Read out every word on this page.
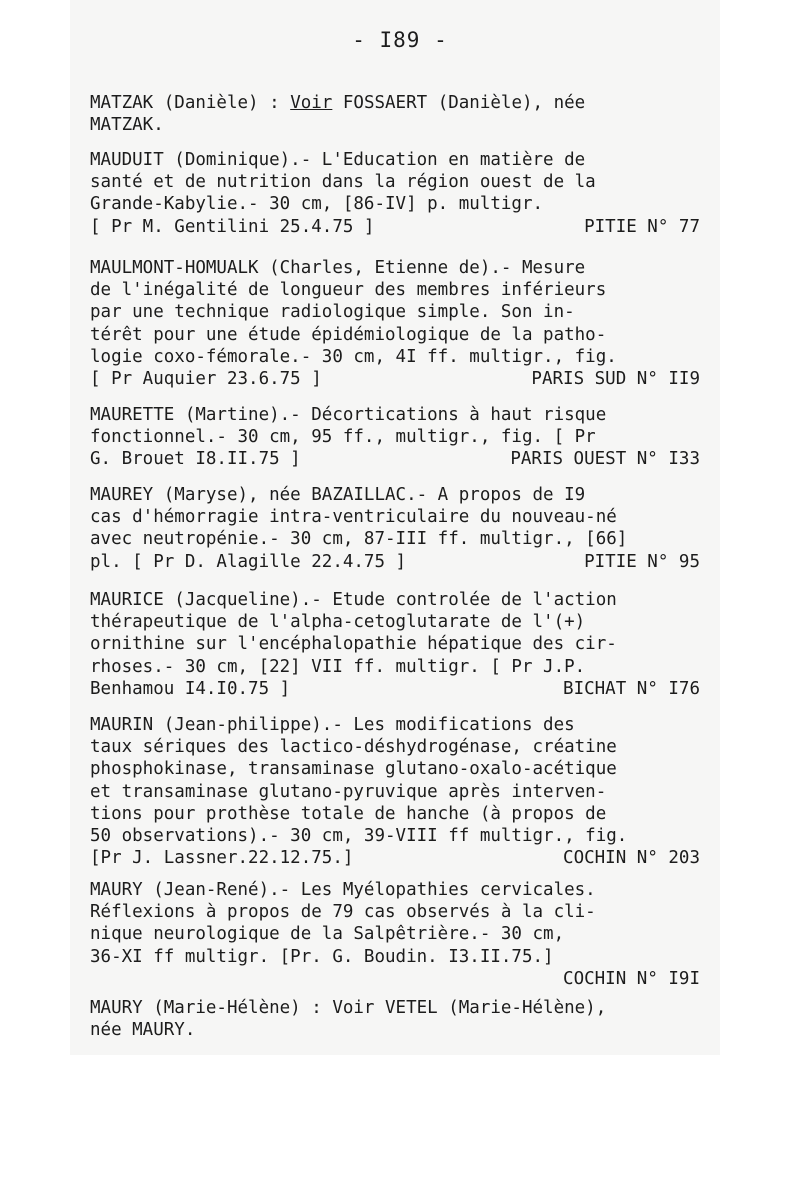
- I89 -
MATZAK (Danièle) : Voir FOSSAERT (Danièle), née
MATZAK.
MAUDUIT (Dominique).- L'Education en matière de
santé et de nutrition dans la région ouest de la
Grande-Kabylie.- 30 cm, [86-IV] p. multigr.
[ Pr M. Gentilini 25.4.75 ]	PITIE N° 77
MAULMONT-HOMUALK (Charles, Etienne de).- Mesure
de l'inégalité de longueur des membres inférieurs
par une technique radiologique simple. Son in-
térêt pour une étude épidémiologique de la patho-
logie coxo-fémorale.- 30 cm, 4I ff. multigr., fig.
[ Pr Auquier 23.6.75 ]	PARIS SUD N° II9
MAURETTE (Martine).- Décortications à haut risque
fonctionnel.- 30 cm, 95 ff., multigr., fig. [ Pr
G. Brouet I8.II.75 ]	PARIS OUEST N° I33
MAUREY (Maryse), née BAZAILLAC.- A propos de I9
cas d'hémorragie intra-ventriculaire du nouveau-né
avec neutropénie.- 30 cm, 87-III ff. multigr., [66]
pl. [ Pr D. Alagille 22.4.75 ]	PITIE N° 95
MAURICE (Jacqueline).- Etude controlée de l'action
thérapeutique de l'alpha-cetoglutarate de l'(+)
ornithine sur l'encéphalopathie hépatique des cir-
rhoses.- 30 cm, [22] VII ff. multigr. [ Pr J.P.
Benhamou I4.I0.75 ]	BICHAT N° I76
MAURIN (Jean-philippe).- Les modifications des
taux sériques des lactico-déshydrogénase, créatine
phosphokinase, transaminase glutano-oxalo-acétique
et transaminase glutano-pyruvique après interven-
tions pour prothèse totale de hanche (à propos de
50 observations).- 30 cm, 39-VIII ff multigr., fig.
[Pr J. Lassner.22.12.75.]	COCHIN N° 203
MAURY (Jean-René).- Les Myélopathies cervicales.
Réflexions à propos de 79 cas observés à la cli-
nique neurologique de la Salpêtrière.- 30 cm,
36-XI ff multigr. [Pr. G. Boudin. I3.II.75.]
COCHIN N° I9I
MAURY (Marie-Hélène) : Voir VETEL (Marie-Hélène),
née MAURY.
